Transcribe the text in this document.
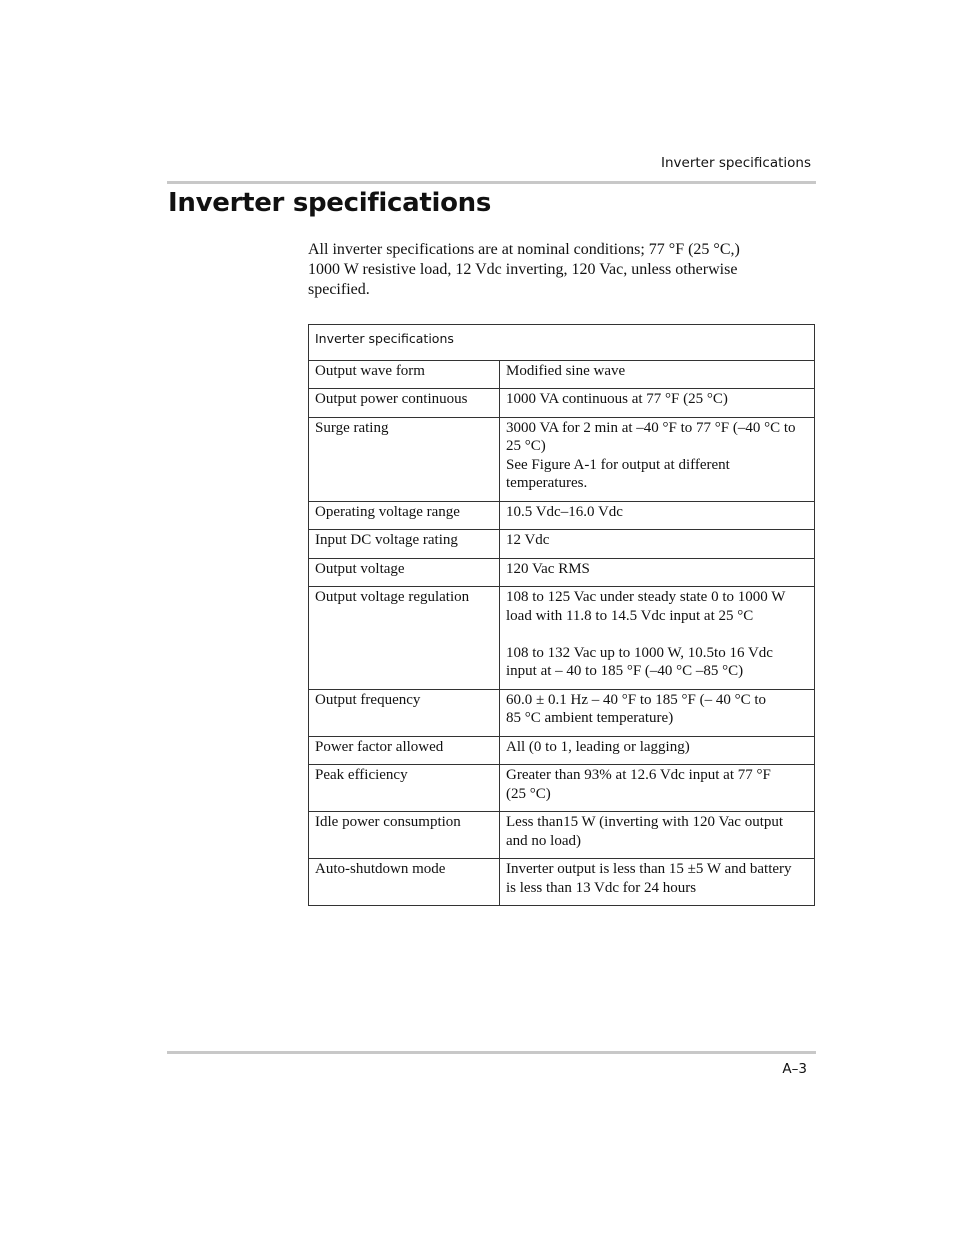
Inverter specifications
Inverter specifications

All inverter specifications are at nominal conditions; 77 °F (25 °C,)
1000 W resistive load, 12 Vdc inverting, 120 Vac, unless otherwise
specified.

Inverter specifications	
Output wave form	Modified sine wave

Output power continuous	1000 VA continuous at 77 °F (25 °C)

Surge rating	3000 VA for 2 min at –40 °F to 77 °F (–40 °C to
25 °C)
See Figure A-1 for output at different
temperatures.

Operating voltage range	10.5 Vdc–16.0 Vdc

Input DC voltage rating	12 Vdc

Output voltage	120 Vac RMS

Output voltage regulation	108 to 125 Vac under steady state 0 to 1000 W
load with 11.8 to 14.5 Vdc input at 25 °C
108 to 132 Vac up to 1000 W, 10.5to 16 Vdc
input at – 40 to 185 °F (–40 °C –85 °C)

Output frequency	60.0 ± 0.1 Hz – 40 °F to 185 °F (– 40 °C to
85 °C ambient temperature)

Power factor allowed	All (0 to 1, leading or lagging)

Peak efficiency	Greater than 93% at 12.6 Vdc input at 77 °F
(25 °C)

Idle power consumption	Less than15 W (inverting with 120 Vac output
and no load)

Auto-shutdown mode	Inverter output is less than 15 ±5 W and battery
is less than 13 Vdc for 24 hours
A–3
